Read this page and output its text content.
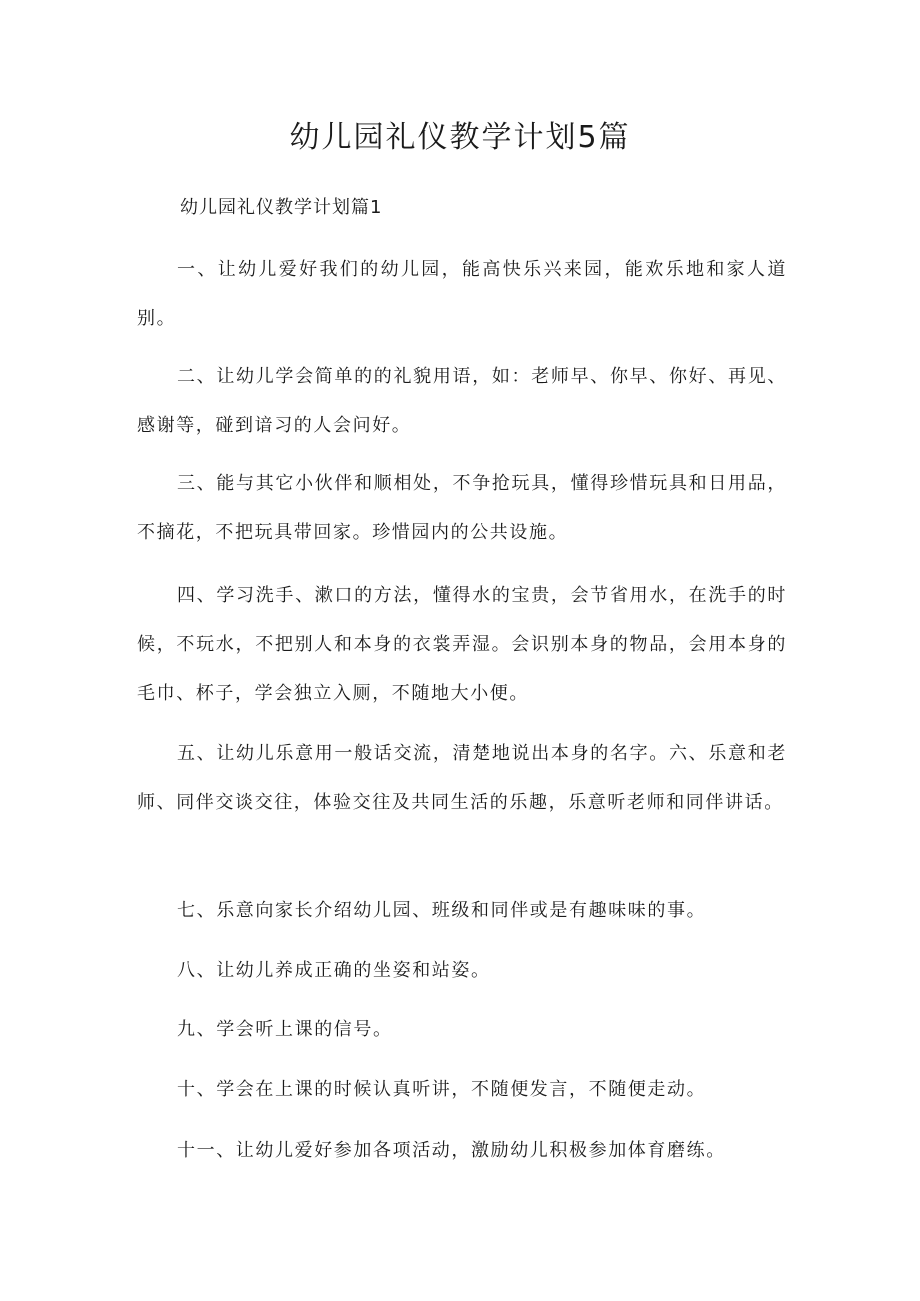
幼儿园礼仪教学计划5篇

幼儿园礼仪教学计划篇1

一、让幼儿爱好我们的幼儿园，能高快乐兴来园，能欢乐地和家人道别。

二、让幼儿学会简单的的礼貌用语，如：老师早、你早、你好、再见、感谢等，碰到谙习的人会问好。

三、能与其它小伙伴和顺相处，不争抢玩具，懂得珍惜玩具和日用品，不摘花，不把玩具带回家。珍惜园内的公共设施。

四、学习洗手、漱口的方法，懂得水的宝贵，会节省用水，在洗手的时候，不玩水，不把别人和本身的衣裳弄湿。会识别本身的物品，会用本身的毛巾、杯子，学会独立入厕，不随地大小便。

五、让幼儿乐意用一般话交流，清楚地说出本身的名字。六、乐意和老师、同伴交谈交往，体验交往及共同生活的乐趣，乐意听老师和同伴讲话。

七、乐意向家长介绍幼儿园、班级和同伴或是有趣味味的事。

八、让幼儿养成正确的坐姿和站姿。

九、学会听上课的信号。

十、学会在上课的时候认真听讲，不随便发言，不随便走动。

十一、让幼儿爱好参加各项活动，激励幼儿积极参加体育磨练。
